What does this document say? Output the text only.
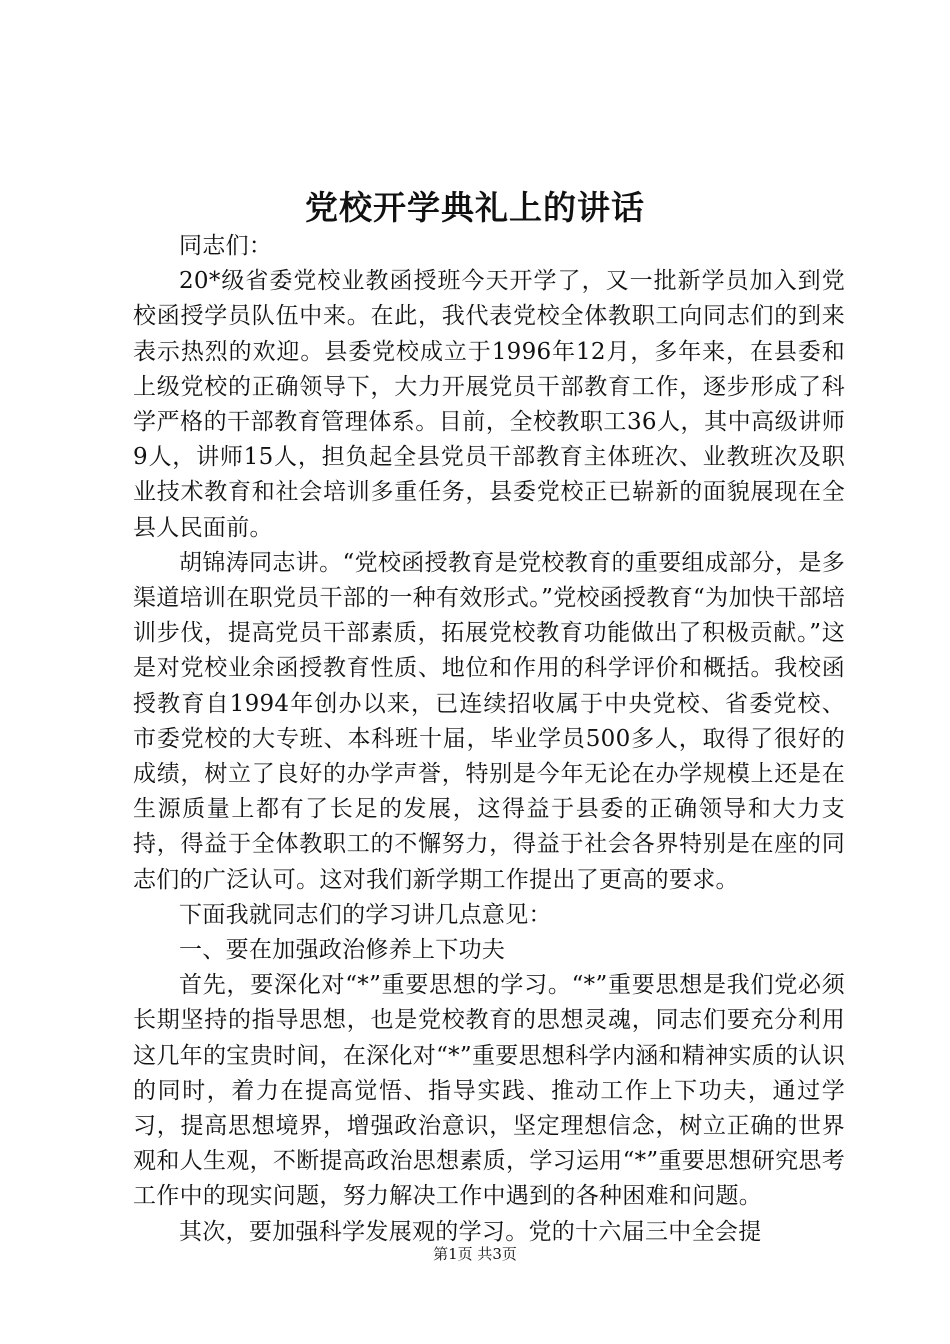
党校开学典礼上的讲话

同志们：

20*级省委党校业教函授班今天开学了，又一批新学员加入到党校函授学员队伍中来。在此，我代表党校全体教职工向同志们的到来表示热烈的欢迎。县委党校成立于1996年12月，多年来，在县委和上级党校的正确领导下，大力开展党员干部教育工作，逐步形成了科学严格的干部教育管理体系。目前，全校教职工36人，其中高级讲师9人，讲师15人，担负起全县党员干部教育主体班次、业教班次及职业技术教育和社会培训多重任务，县委党校正已崭新的面貌展现在全县人民面前。

胡锦涛同志讲。“党校函授教育是党校教育的重要组成部分，是多渠道培训在职党员干部的一种有效形式。”党校函授教育“为加快干部培训步伐，提高党员干部素质，拓展党校教育功能做出了积极贡献。”这是对党校业余函授教育性质、地位和作用的科学评价和概括。我校函授教育自1994年创办以来，已连续招收属于中央党校、省委党校、市委党校的大专班、本科班十届，毕业学员500多人，取得了很好的成绩，树立了良好的办学声誉，特别是今年无论在办学规模上还是在生源质量上都有了长足的发展，这得益于县委的正确领导和大力支持，得益于全体教职工的不懈努力，得益于社会各界特别是在座的同志们的广泛认可。这对我们新学期工作提出了更高的要求。

下面我就同志们的学习讲几点意见：

一、要在加强政治修养上下功夫

首先，要深化对“*”重要思想的学习。“*”重要思想是我们党必须长期坚持的指导思想，也是党校教育的思想灵魂，同志们要充分利用这几年的宝贵时间，在深化对“*”重要思想科学内涵和精神实质的认识的同时，着力在提高觉悟、指导实践、推动工作上下功夫，通过学习，提高思想境界，增强政治意识，坚定理想信念，树立正确的世界观和人生观，不断提高政治思想素质，学习运用“*”重要思想研究思考工作中的现实问题，努力解决工作中遇到的各种困难和问题。

其次，要加强科学发展观的学习。党的十六届三中全会提

第1页 共3页
